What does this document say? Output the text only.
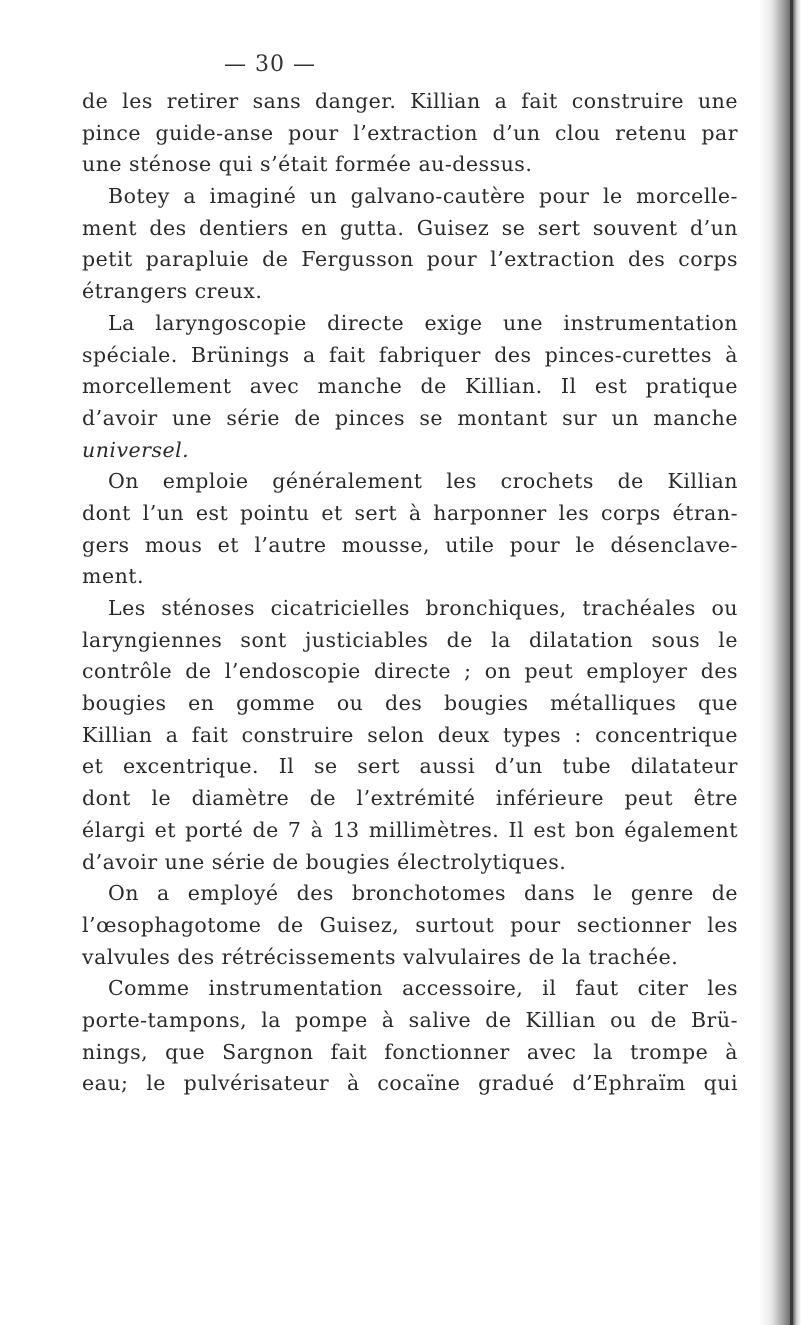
— 30 —
de les retirer sans danger. Killian a fait construire une
pince guide-anse pour l’extraction d’un clou retenu par
une sténose qui s’était formée au-dessus.
Botey a imaginé un galvano-cautère pour le morcelle-
ment des dentiers en gutta. Guisez se sert souvent d’un
petit parapluie de Fergusson pour l’extraction des corps
étrangers creux.
La laryngoscopie directe exige une instrumentation
spéciale. Brünings a fait fabriquer des pinces-curettes à
morcellement avec manche de Killian. Il est pratique
d’avoir une série de pinces se montant sur un manche
universel.
On emploie généralement les crochets de Killian
dont l’un est pointu et sert à harponner les corps étran-
gers mous et l’autre mousse, utile pour le désenclave-
ment.
Les sténoses cicatricielles bronchiques, trachéales ou
laryngiennes sont justiciables de la dilatation sous le
contrôle de l’endoscopie directe ; on peut employer des
bougies en gomme ou des bougies métalliques que
Killian a fait construire selon deux types : concentrique
et excentrique. Il se sert aussi d’un tube dilatateur
dont le diamètre de l’extrémité inférieure peut être
élargi et porté de 7 à 13 millimètres. Il est bon également
d’avoir une série de bougies électrolytiques.
On a employé des bronchotomes dans le genre de
l’œsophagotome de Guisez, surtout pour sectionner les
valvules des rétrécissements valvulaires de la trachée.
Comme instrumentation accessoire, il faut citer les
porte-tampons, la pompe à salive de Killian ou de Brü-
nings, que Sargnon fait fonctionner avec la trompe à
eau; le pulvérisateur à cocaïne gradué d’Ephraïm qui
